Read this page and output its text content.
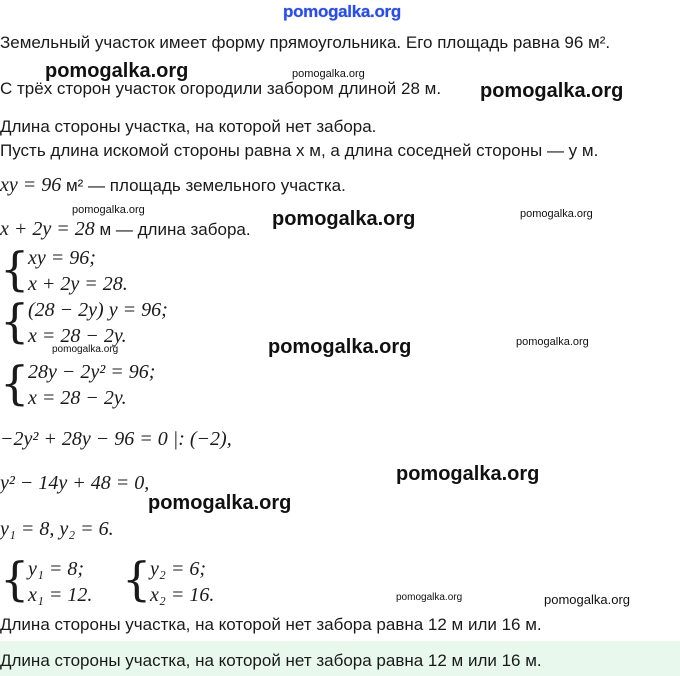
pomogalka.org
Земельный участок имеет форму прямоугольника. Его площадь равна 96 м².
С трёх сторон участок огородили забором длиной 28 м.
Длина стороны участка, на которой нет забора.
Пусть длина искомой стороны равна x м, а длина соседней стороны — y м.
xy = 96 м² — площадь земельного участка.
x + 2y = 28 м — длина забора.
{
xy = 96;
x + 2y = 28.
{
(28 − 2y) y = 96;
x = 28 − 2y.
{
28y − 2y² = 96;
x = 28 − 2y.
−2y² + 28y − 96 = 0 |: (−2),
y² − 14y + 48 = 0,
y₁ = 8, y₂ = 6.
{
y₁ = 8;
x₁ = 12. {
y₂ = 6;
x₂ = 16.
Длина стороны участка, на которой нет забора равна 12 м или 16 м.
Длина стороны участка, на которой нет забора равна 12 м или 16 м.
pomogalka.org	pomogalka.org
pomogalka.org
pomogalka.org	pomogalka.org	pomogalka.org
pomogalka.org	pomogalka.org
pomogalka.org
pomogalka.org
pomogalka.org
pomogalka.org	pomogalka.org
